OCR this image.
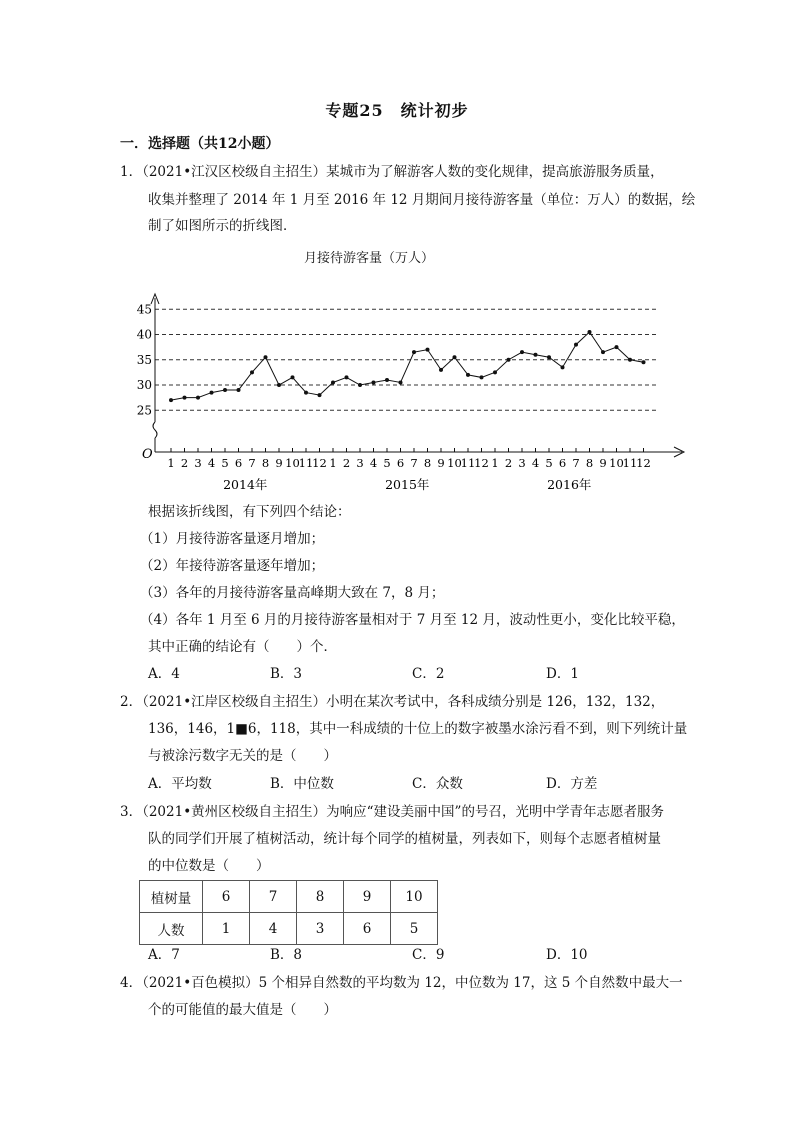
专题25　统计初步
一．选择题（共12小题）
1．（2021•江汉区校级自主招生）某城市为了解游客人数的变化规律，提高旅游服务质量，
收集并整理了 2014 年 1 月至 2016 年 12 月期间月接待游客量（单位：万人）的数据，绘
制了如图所示的折线图．
月接待游客量（万人）
25
30
35
40
45
O
1 2 3 4 5 6 7 8 9 10
11
12 1 2 3 4 5 6 7 8 9 10
11
12 1 2 3 4 5 6 7 8 9 10
11
12
2014年	2015年	2016年
根据该折线图，有下列四个结论：
（1）月接待游客量逐月增加；
（2）年接待游客量逐年增加；
（3）各年的月接待游客量高峰期大致在 7，8 月；
（4）各年 1 月至 6 月的月接待游客量相对于 7 月至 12 月，波动性更小，变化比较平稳，
其中正确的结论有（　　）个．
A．4	B．3	C．2	D．1
2．（2021•江岸区校级自主招生）小明在某次考试中，各科成绩分别是 126，132，132，
136，146，1■6，118，其中一科成绩的十位上的数字被墨水涂污看不到，则下列统计量
与被涂污数字无关的是（　　）
A．平均数	B．中位数	C．众数	D．方差
3．（2021•黄州区校级自主招生）为响应“建设美丽中国”的号召，光明中学青年志愿者服务
队的同学们开展了植树活动，统计每个同学的植树量，列表如下，则每个志愿者植树量
的中位数是（　　）
植树量	6	7	8	9	10
人数	1	4	3	6	5
A．7	B．8	C．9	D．10
4．（2021•百色模拟）5 个相异自然数的平均数为 12，中位数为 17，这 5 个自然数中最大一
个的可能值的最大值是（　　）
